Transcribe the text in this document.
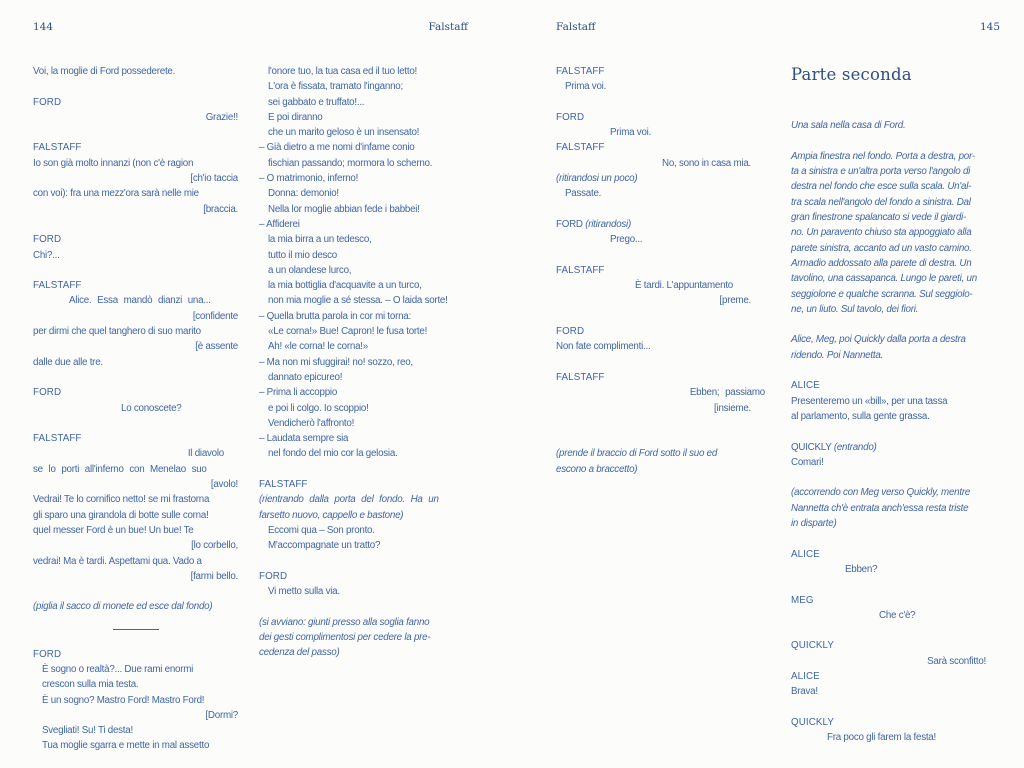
144	Falstaff

Voi, la moglie di Ford possederete.

FORD

Grazie!!

FALSTAFF

Io son già molto innanzi (non c'è ragion

[ch'io taccia

con voi): fra una mezz'ora sarà nelle mie

[braccia.

FORD

Chi?...

FALSTAFF

Alice. Essa mandò dianzi una...

[confidente

per dirmi che quel tanghero di suo marito

[è assente

dalle due alle tre.

FORD

Lo conoscete?

FALSTAFF

Il diavolo

se lo porti all'inferno con Menelao suo

[avolo!

Vedrai! Te lo cornifico netto! se mi frastorna

gli sparo una girandola di botte sulle corna!

quel messer Ford è un bue! Un bue! Te

[lo corbello,

vedrai! Ma è tardi. Aspettami qua. Vado a

[farmi bello.

(piglia il sacco di monete ed esce dal fondo)

FORD

È sogno o realtà?... Due rami enormi

crescon sulla mia testa.

È un sogno? Mastro Ford! Mastro Ford!

[Dormi?

Svegliati! Su! Ti desta!

Tua moglie sgarra e mette in mal assetto

l'onore tuo, la tua casa ed il tuo letto!

L'ora è fissata, tramato l'inganno;

sei gabbato e truffato!...

E poi diranno

che un marito geloso è un insensato!

– Già dietro a me nomi d'infame conio

fischian passando; mormora lo scherno.

– O matrimonio, inferno!

Donna: demonio!

Nella lor moglie abbian fede i babbei!

– Affiderei

la mia birra a un tedesco,

tutto il mio desco

a un olandese lurco,

la mia bottiglia d'acquavite a un turco,

non mia moglie a sé stessa. – O laida sorte!

– Quella brutta parola in cor mi torna:

«Le corna!» Bue! Capron! le fusa torte!

Ah! «le corna! le corna!»

– Ma non mi sfuggirai! no! sozzo, reo,

dannato epicureo!

– Prima li accoppio

e poi li colgo. Io scoppio!

Vendicherò l'affronto!

– Laudata sempre sia

nel fondo del mio cor la gelosia.

FALSTAFF

(rientrando dalla porta del fondo. Ha un

farsetto nuovo, cappello e bastone)

Eccomi qua – Son pronto.

M'accompagnate un tratto?

FORD

Vi metto sulla via.

(si avviano: giunti presso alla soglia fanno

dei gesti complimentosi per cedere la pre-

cedenza del passo)

Falstaff	145

FALSTAFF

Prima voi.

FORD

Prima voi.

FALSTAFF

No, sono in casa mia.

(ritirandosi un poco)

Passate.

FORD (ritirandosi)

Prego...

FALSTAFF

È tardi. L'appuntamento

[preme.

FORD

Non fate complimenti...

FALSTAFF

Ebben; passiamo

[insieme.

(prende il braccio di Ford sotto il suo ed

escono a braccetto)

Parte seconda

Una sala nella casa di Ford.

Ampia finestra nel fondo. Porta a destra, por-

ta a sinistra e un'altra porta verso l'angolo di

destra nel fondo che esce sulla scala. Un'al-

tra scala nell'angolo del fondo a sinistra. Dal

gran finestrone spalancato si vede il giardi-

no. Un paravento chiuso sta appoggiato alla

parete sinistra, accanto ad un vasto camino.

Armadio addossato alla parete di destra. Un

tavolino, una cassapanca. Lungo le pareti, un

seggiolone e qualche scranna. Sul seggiolo-

ne, un liuto. Sul tavolo, dei fiori.

Alice, Meg, poi Quickly dalla porta a destra

ridendo. Poi Nannetta.

ALICE

Presenteremo un «bill», per una tassa

al parlamento, sulla gente grassa.

QUICKLY (entrando)

Comari!

(accorrendo con Meg verso Quickly, mentre

Nannetta ch'è entrata anch'essa resta triste

in disparte)

ALICE

Ebben?

MEG

Che c'è?

QUICKLY

Sarà sconfitto!

ALICE

Brava!

QUICKLY

Fra poco gli farem la festa!
